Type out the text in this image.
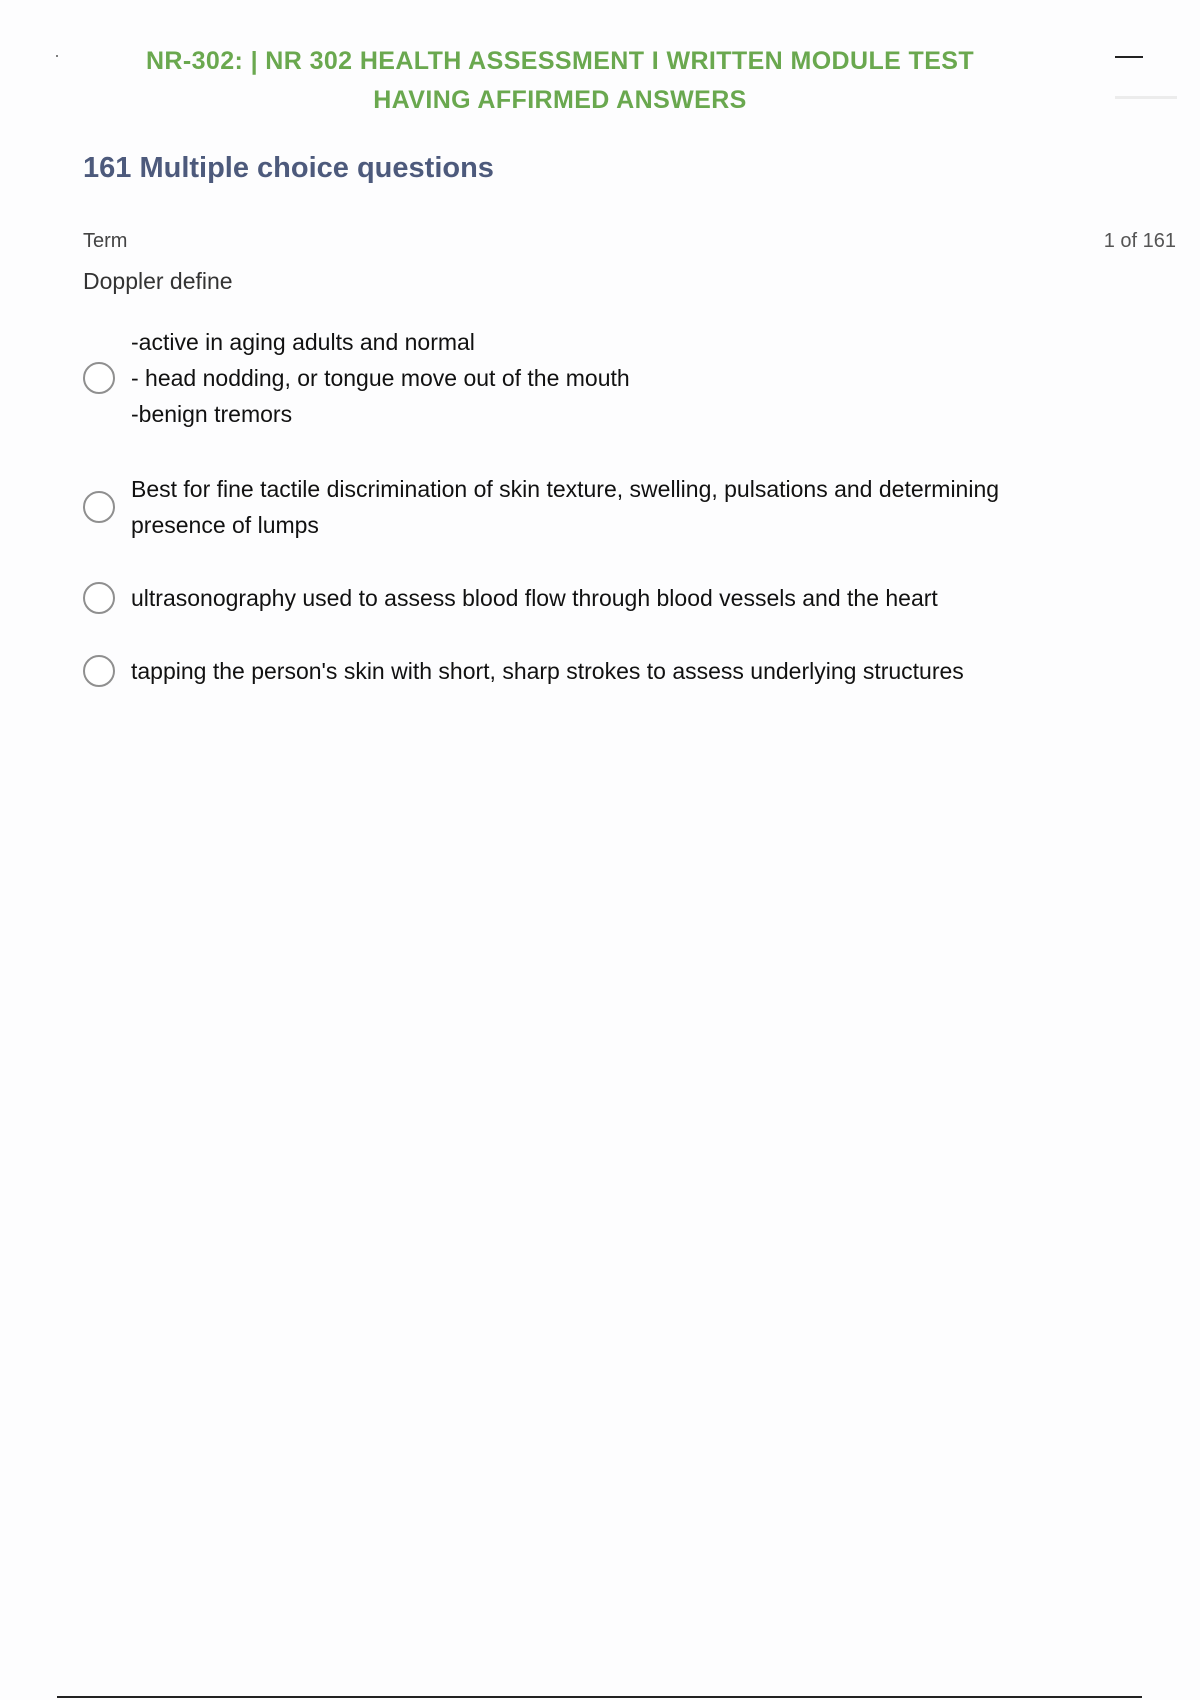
NR-302: | NR 302 HEALTH ASSESSMENT I WRITTEN MODULE TEST
HAVING AFFIRMED ANSWERS
161 Multiple choice questions
Term	1 of 161
Doppler define
-active in aging adults and normal
- head nodding, or tongue move out of the mouth
-benign tremors
Best for fine tactile discrimination of skin texture, swelling, pulsations and determining
presence of lumps
ultrasonography used to assess blood flow through blood vessels and the heart
tapping the person's skin with short, sharp strokes to assess underlying structures
